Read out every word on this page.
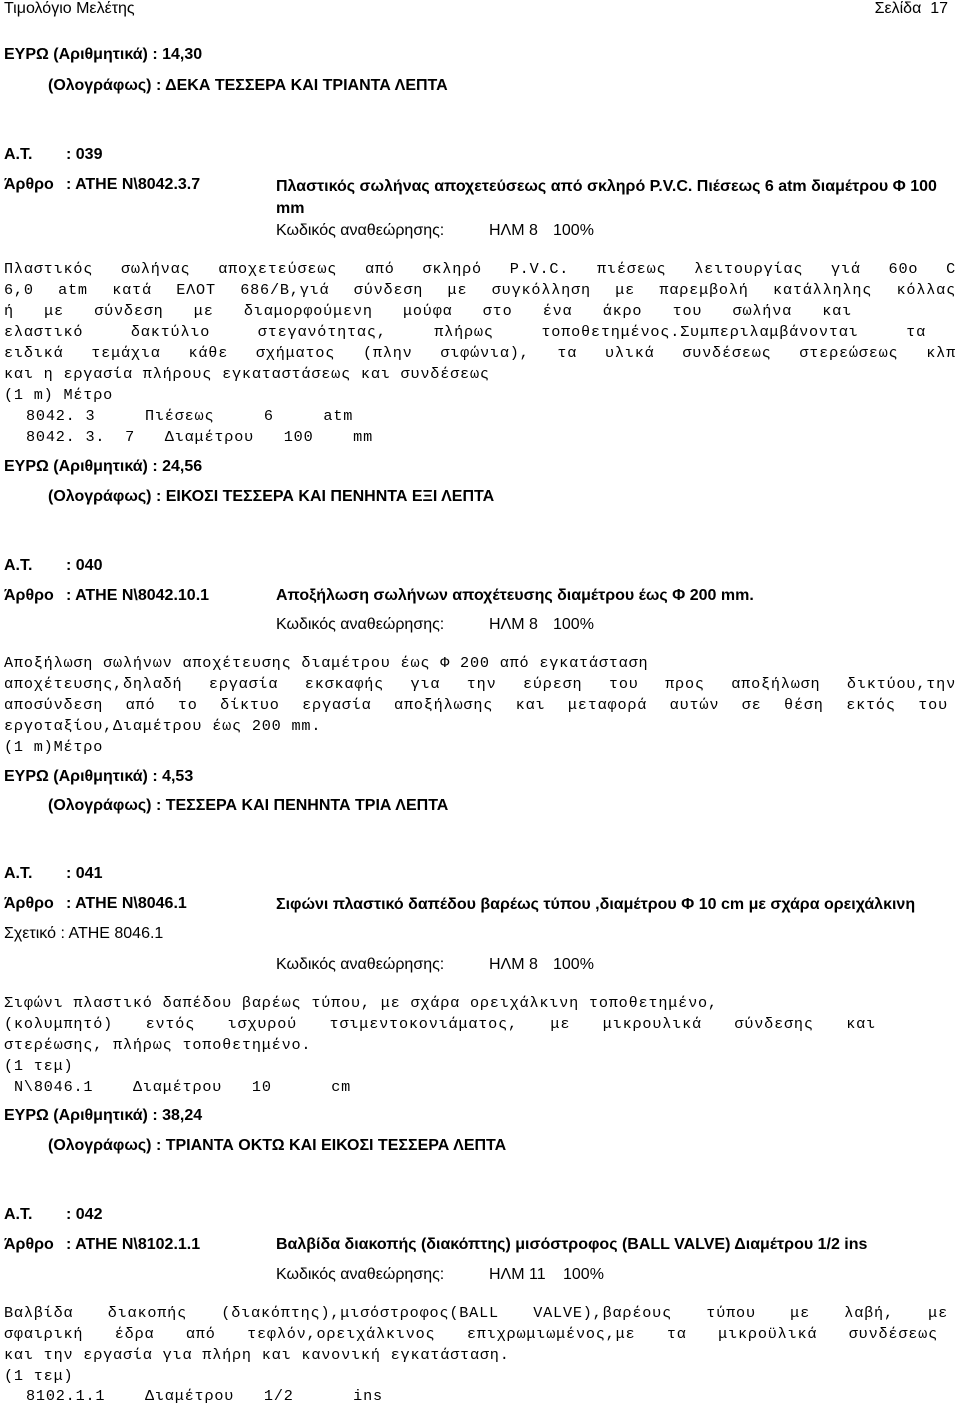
Τιμολόγιο Μελέτης	Σελίδα  17
ΕΥΡΩ (Αριθμητικά) : 14,30
(Ολογράφως) : ΔΕΚΑ ΤΕΣΣΕΡΑ ΚΑΙ ΤΡΙΑΝΤΑ ΛΕΠΤΑ
Α.Τ. : 039
Άρθρο : ΑΤΗΕ Ν\8042.3.7	Πλαστικός σωλήνας αποχετεύσεως από σκληρό P.V.C. Πιέσεως 6 atm διαμέτρου Φ 100 mm
Κωδικός αναθεώρησης:	ΗΛΜ 8 100%
Πλαστικός σωλήνας αποχετεύσεως από σκληρό P.V.C. πιέσεως λειτουργίας γιά 60ο C
6,0 atm κατά ΕΛΟΤ 686/Β,γιά σύνδεση με συγκόλληση με παρεμβολή κατάλληλης κόλλας
ή με σύνδεση με διαμορφούμενη μούφα στο ένα άκρο του σωλήνα και
ελαστικό δακτύλιο στεγανότητας, πλήρως τοποθετημένος.Συμπεριλαμβάνονται τα
ειδικά τεμάχια κάθε σχήματος (πλην σιφώνια), τα υλικά συνδέσεως στερεώσεως κλπ
και η εργασία πλήρους εγκαταστάσεως και συνδέσεως
(1 m) Μέτρο
8042. 3     Πιέσεως     6     atm
8042. 3.  7   Διαμέτρου   100    mm
ΕΥΡΩ (Αριθμητικά) : 24,56
(Ολογράφως) : ΕΙΚΟΣΙ ΤΕΣΣΕΡΑ ΚΑΙ ΠΕΝΗΝΤΑ ΕΞΙ ΛΕΠΤΑ
Α.Τ. : 040
Άρθρο : ΑΤΗΕ Ν\8042.10.1	Αποξήλωση σωλήνων αποχέτευσης διαμέτρου έως Φ 200 mm.
Κωδικός αναθεώρησης:	ΗΛΜ 8 100%
Αποξήλωση σωλήνων αποχέτευσης διαμέτρου έως Φ 200 από εγκατάσταση
αποχέτευσης,δηλαδή εργασία εκσκαφής για την εύρεση του προς αποξήλωση δικτύου,την
αποσύνδεση από το δίκτυο εργασία αποξήλωσης και μεταφορά αυτών σε θέση εκτός του
εργοταξίου,Διαμέτρου έως 200 mm.
(1 m)Μέτρο
ΕΥΡΩ (Αριθμητικά) : 4,53
(Ολογράφως) : ΤΕΣΣΕΡΑ ΚΑΙ ΠΕΝΗΝΤΑ ΤΡΙΑ ΛΕΠΤΑ
Α.Τ. : 041
Άρθρο : ΑΤΗΕ Ν\8046.1
Σχετικό : ΑΤΗΕ 8046.1
Σιφώνι πλαστικό δαπέδου βαρέως τύπου ,διαμέτρου Φ 10 cm με σχάρα ορειχάλκινη
Κωδικός αναθεώρησης:	ΗΛΜ 8 100%
Σιφώνι πλαστικό δαπέδου βαρέως τύπου, με σχάρα ορειχάλκινη τοποθετημένο,
(κολυμπητό) εντός ισχυρού τσιμεντοκονιάματος, με μικρουλικά σύνδεσης και
στερέωσης, πλήρως τοποθετημένο.
(1 τεμ)
Ν\8046.1    Διαμέτρου   10      cm
ΕΥΡΩ (Αριθμητικά) : 38,24
(Ολογράφως) : ΤΡΙΑΝΤΑ ΟΚΤΩ ΚΑΙ ΕΙΚΟΣΙ ΤΕΣΣΕΡΑ ΛΕΠΤΑ
Α.Τ. : 042
Άρθρο : ΑΤΗΕ Ν\8102.1.1	Βαλβίδα διακοπής (διακόπτης) μισόστροφος (BALL VALVE) Διαμέτρου 1/2 ins
Κωδικός αναθεώρησης:	ΗΛΜ 11 100%
Βαλβίδα διακοπής (διακόπτης),μισόστροφος(BALL VALVE),βαρέους τύπου με λαβή, με
σφαιρική έδρα από τεφλόν,ορειχάλκινος επιχρωμιωμένος,με τα μικροϋλικά συνδέσεως
και την εργασία για πλήρη και κανονική εγκατάσταση.
(1 τεμ)
8102.1.1    Διαμέτρου   1/2      ins
